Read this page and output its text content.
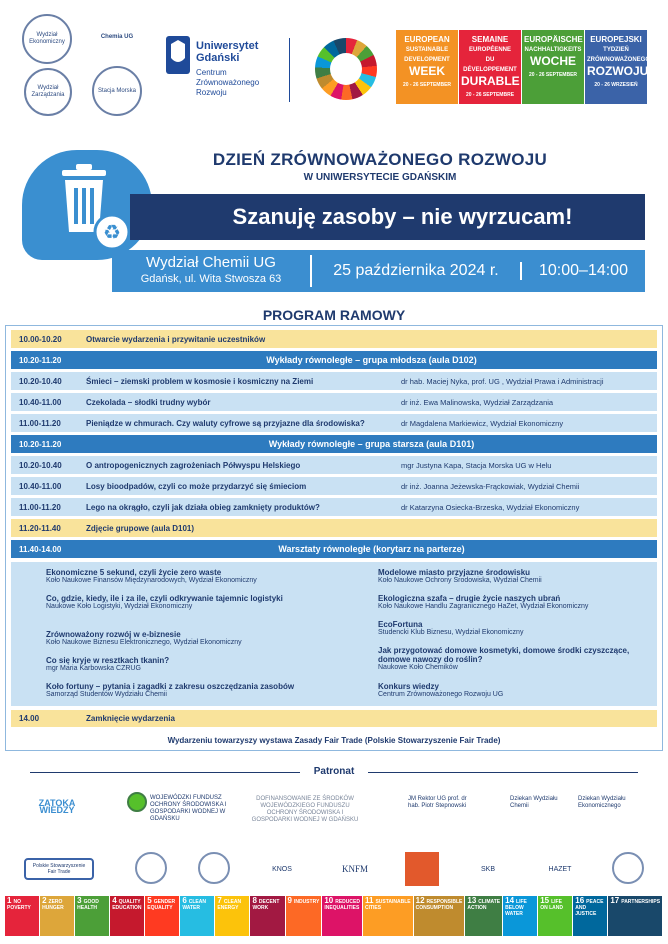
Wydział Ekonomiczny
Chemia UG
Wydział Zarządzania
Stacja Morska
Uniwersytet Gdański
Centrum Zrównoważonego Rozwoju
EUROPEAN
SUSTAINABLE
DEVELOPMENT
WEEK
20 - 26 SEPTEMBER
SEMAINE
EUROPÉENNE
DU DÉVELOPPEMENT
DURABLE
20 - 26 SEPTEMBRE
EUROPÄISCHE
NACHHALTIGKEITS
WOCHE
20 - 26 SEPTEMBER
EUROPEJSKI
TYDZIEŃ
ZRÓWNOWAŻONEGO
ROZWOJU
20 - 26 WRZESIEŃ
DZIEŃ ZRÓWNOWAŻONEGO ROZWOJU
W UNIWERSYTECIE GDAŃSKIM
♻
Szanuję zasoby – nie wyrzucam!
Wydział Chemii UG
Gdańsk, ul. Wita Stwosza 63	25 października 2024 r.	10:00–14:00
PROGRAM RAMOWY
10.00-10.20	Otwarcie wydarzenia i przywitanie uczestników
10.20-11.20	Wykłady równoległe – grupa młodsza (aula D102)
10.20-10.40	Śmieci – ziemski problem w kosmosie i kosmiczny na Ziemi	dr hab. Maciej Nyka, prof. UG , Wydział Prawa i Administracji
10.40-11.00	Czekolada – słodki trudny wybór	dr inż. Ewa Malinowska, Wydział Zarządzania
11.00-11.20	Pieniądze w chmurach. Czy waluty cyfrowe są przyjazne dla środowiska?	dr Magdalena Markiewicz, Wydział Ekonomiczny
10.20-11.20	Wykłady równoległe – grupa starsza (aula D101)
10.20-10.40	O antropogenicznych zagrożeniach Półwyspu Helskiego	mgr Justyna Kapa, Stacja Morska UG w Helu
10.40-11.00	Losy bioodpadów, czyli co może przydarzyć się śmieciom	dr inż. Joanna Jeżewska-Frąckowiak, Wydział Chemii
11.00-11.20	Lego na okrągło, czyli jak działa obieg zamknięty produktów?	dr Katarzyna Osiecka-Brzeska, Wydział Ekonomiczny
11.20-11.40	Zdjęcie grupowe (aula D101)
11.40-14.00	Warsztaty równoległe (korytarz na parterze)
Ekonomiczne 5 sekund, czyli życie zero waste
Koło Naukowe Finansów Międzynarodowych, Wydział Ekonomiczny
Co, gdzie, kiedy, ile i za ile, czyli odkrywanie tajemnic logistyki
Naukowe Koło Logistyki, Wydział Ekonomiczny
Zrównoważony rozwój w e-biznesie
Koło Naukowe Biznesu Elektronicznego, Wydział Ekonomiczny
Co się kryje w resztkach tkanin?
mgr Maria Karbowska CZRUG
Koło fortuny – pytania i zagadki z zakresu oszczędzania zasobów
Samorząd Studentów Wydziału Chemii
Modelowe miasto przyjazne środowisku
Koło Naukowe Ochrony Środowiska, Wydział Chemii
Ekologiczna szafa – drugie życie naszych ubrań
Koło Naukowe Handlu Zagranicznego HaZet, Wydział Ekonomiczny
EcoFortuna
Studencki Klub Biznesu, Wydział Ekonomiczny
Jak przygotować domowe kosmetyki, domowe środki czyszczące, domowe nawozy do roślin?
Naukowe Koło Chemików
Konkurs wiedzy
Centrum Zrównoważonego Rozwoju UG
14.00	Zamknięcie wydarzenia
Wydarzeniu towarzyszy wystawa Zasady Fair Trade (Polskie Stowarzyszenie Fair Trade)
Patronat
ZATOKA WIEDZY
WOJEWÓDZKI FUNDUSZ OCHRONY ŚRODOWISKA I GOSPODARKI WODNEJ W GDAŃSKU
DOFINANSOWANIE ZE ŚRODKÓW WOJEWÓDZKIEGO FUNDUSZU OCHRONY ŚRODOWISKA I GOSPODARKI WODNEJ W GDAŃSKU
JM Rektor UG prof. dr hab. Piotr Stepnowski
Dziekan Wydziału Chemii
Dziekan Wydziału Ekonomicznego
Polskie Stowarzyszenie Fair Trade	KNOS	KNFM	SKB	HAZET
1 NO POVERTY
2 ZERO HUNGER
3 GOOD HEALTH
4 QUALITY EDUCATION
5 GENDER EQUALITY
6 CLEAN WATER
7 CLEAN ENERGY
8 DECENT WORK
9 INDUSTRY 10 REDUCED INEQUALITIES
11 SUSTAINABLE CITIES
12 RESPONSIBLE CONSUMPTION
13 CLIMATE ACTION
14 LIFE BELOW WATER
15 LIFE ON LAND
16 PEACE AND JUSTICE
17 PARTNERSHIPS
